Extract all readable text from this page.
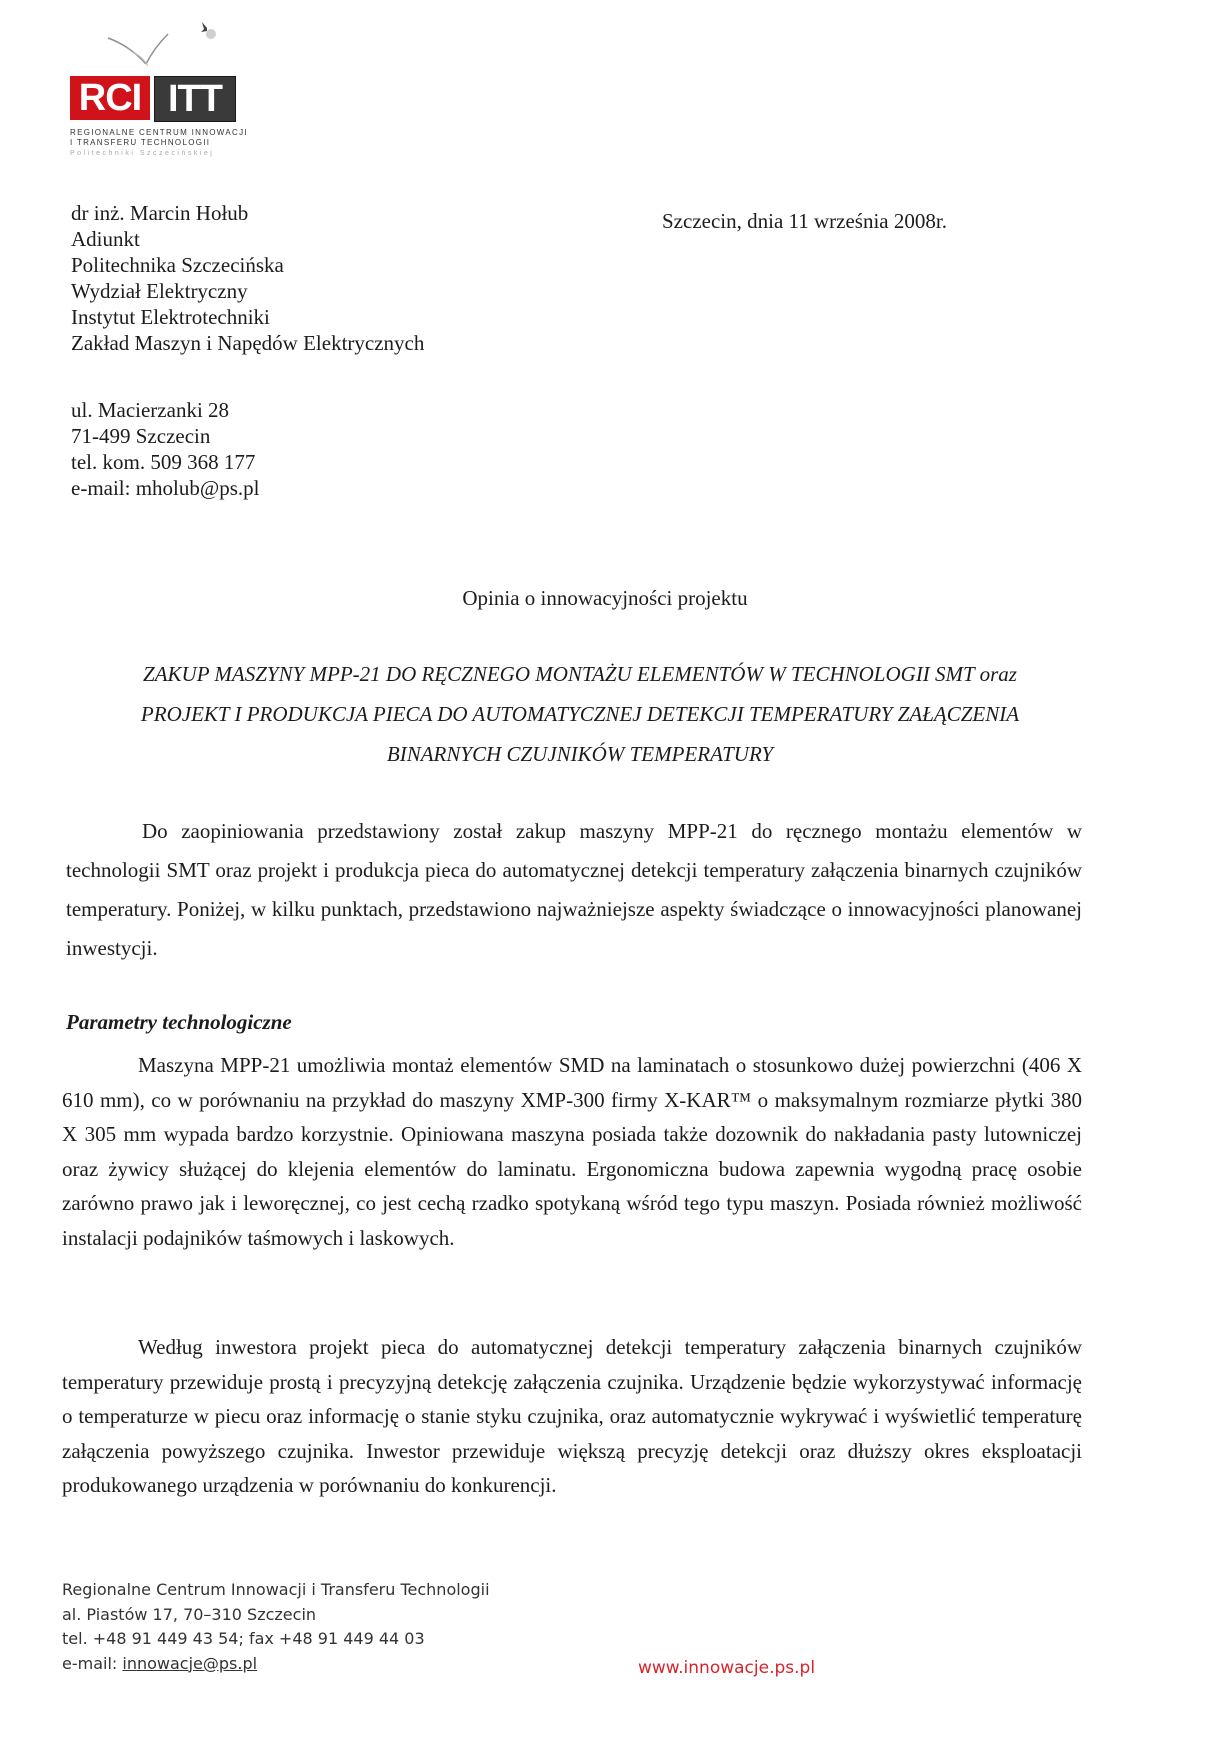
RCI ITT
REGIONALNE CENTRUM INNOWACJI
I TRANSFERU TECHNOLOGII
Politechniki Szczecińskiej
dr inż. Marcin Hołub
Adiunkt
Politechnika Szczecińska
Wydział Elektryczny
Instytut Elektrotechniki
Zakład Maszyn i Napędów Elektrycznych
Szczecin, dnia 11 września 2008r.
ul. Macierzanki 28
71-499 Szczecin
tel. kom. 509 368 177
e-mail: mholub@ps.pl
Opinia o innowacyjności projektu
ZAKUP MASZYNY MPP-21 DO RĘCZNEGO MONTAŻU ELEMENTÓW W TECHNOLOGII SMT oraz
PROJEKT I PRODUKCJA PIECA DO AUTOMATYCZNEJ DETEKCJI TEMPERATURY ZAŁĄCZENIA
BINARNYCH CZUJNIKÓW TEMPERATURY
Do zaopiniowania przedstawiony został zakup maszyny MPP-21 do ręcznego montażu elementów w technologii SMT oraz projekt i produkcja pieca do automatycznej detekcji temperatury załączenia binarnych czujników temperatury. Poniżej, w kilku punktach, przedstawiono najważniejsze aspekty świadczące o innowacyjności planowanej inwestycji.
Parametry technologiczne
Maszyna MPP-21 umożliwia montaż elementów SMD na laminatach o stosunkowo dużej powierzchni (406 X 610 mm), co w porównaniu na przykład do maszyny XMP-300 firmy X-KAR™ o maksymalnym rozmiarze płytki 380 X 305 mm wypada bardzo korzystnie. Opiniowana maszyna posiada także dozownik do nakładania pasty lutowniczej oraz żywicy służącej do klejenia elementów do laminatu. Ergonomiczna budowa zapewnia wygodną pracę osobie zarówno prawo jak i leworęcznej, co jest cechą rzadko spotykaną wśród tego typu maszyn. Posiada również możliwość instalacji podajników taśmowych i laskowych.
Według inwestora projekt pieca do automatycznej detekcji temperatury załączenia binarnych czujników temperatury przewiduje prostą i precyzyjną detekcję załączenia czujnika. Urządzenie będzie wykorzystywać informację o temperaturze w piecu oraz informację o stanie styku czujnika, oraz automatycznie wykrywać i wyświetlić temperaturę załączenia powyższego czujnika. Inwestor przewiduje większą precyzję detekcji oraz dłuższy okres eksploatacji produkowanego urządzenia w porównaniu do konkurencji.
Regionalne Centrum Innowacji i Transferu Technologii
al. Piastów 17, 70–310 Szczecin
tel. +48 91 449 43 54; fax +48 91 449 44 03
e-mail: innowacje@ps.pl	www.innowacje.ps.pl
